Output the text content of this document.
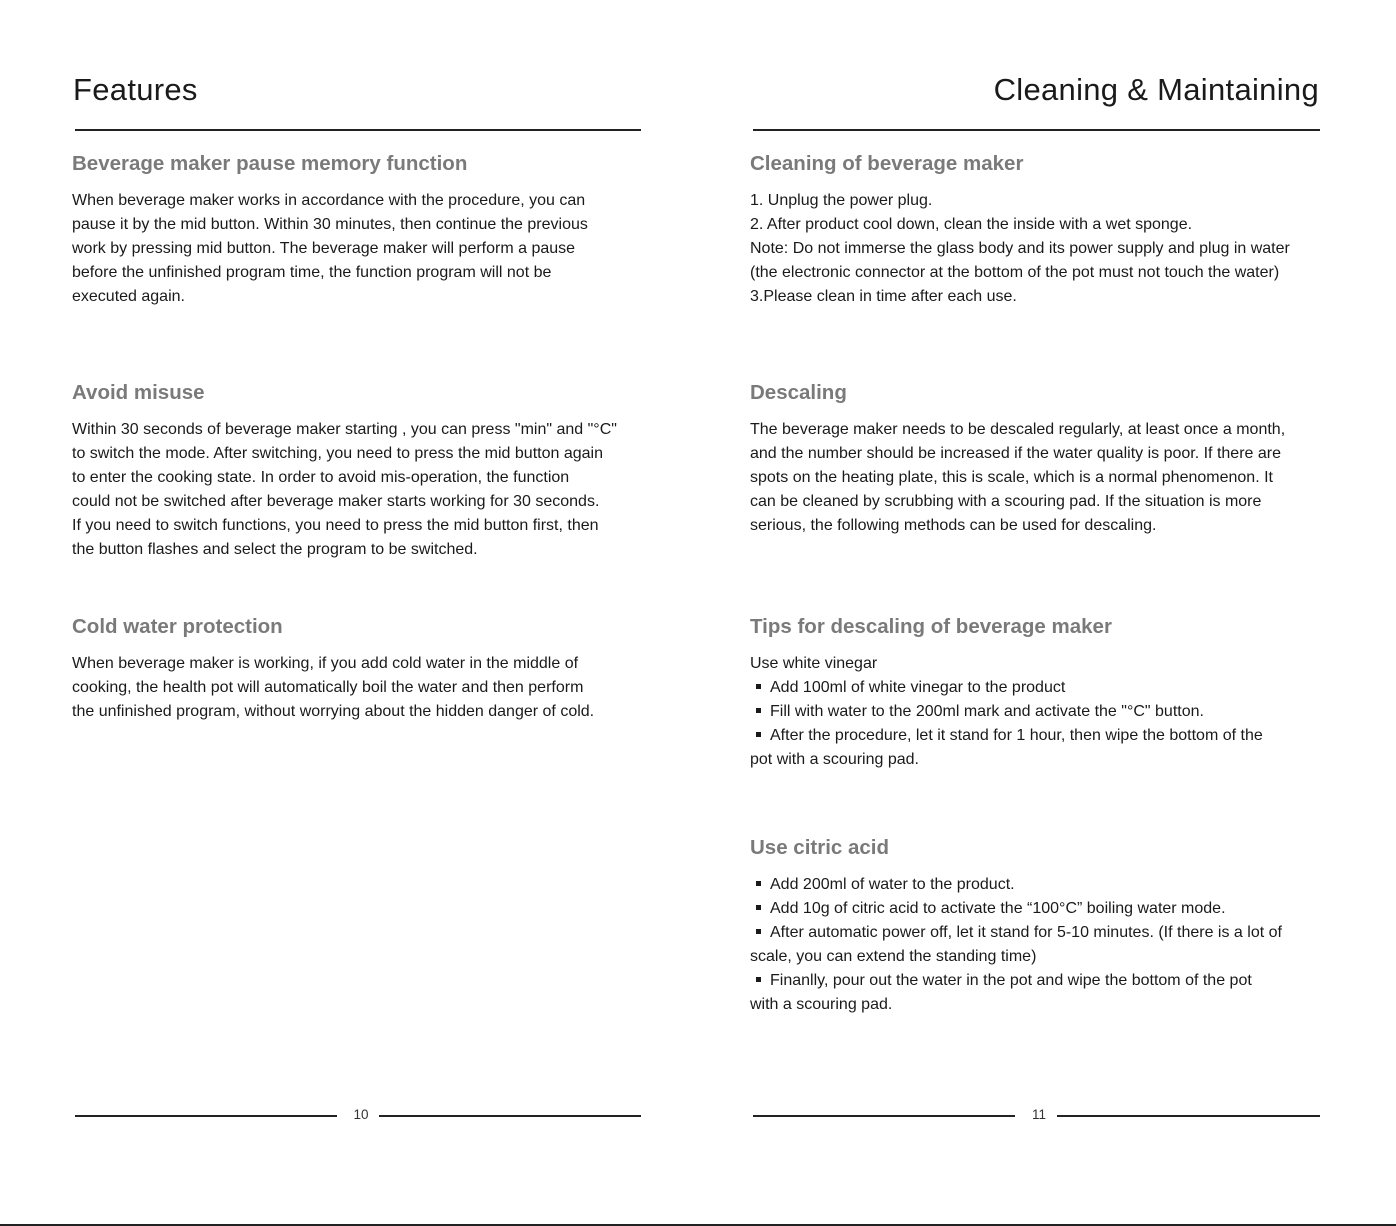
Features
Beverage maker pause memory function
When beverage maker works in accordance with the procedure, you can
pause it by the mid button. Within 30 minutes, then continue the previous
work by pressing mid button. The beverage maker will perform a pause
before the unfinished program time, the function program will not be
executed again.
Avoid misuse
Within 30 seconds of beverage maker starting , you can press "min" and "°C"
to switch the mode. After switching, you need to press the mid button again
to enter the cooking state. In order to avoid mis-operation, the function
could not be switched after beverage maker starts working for 30 seconds.
If you need to switch functions, you need to press the mid button first, then
the button flashes and select the program to be switched.
Cold water protection
When beverage maker is working, if you add cold water in the middle of
cooking, the health pot will automatically boil the water and then perform
the unfinished program, without worrying about the hidden danger of cold.
10
Cleaning & Maintaining
Cleaning of beverage maker
1. Unplug the power plug.
2. After product cool down, clean the inside with a wet sponge.
Note: Do not immerse the glass body and its power supply and plug in water
(the electronic connector at the bottom of the pot must not touch the water)
3.Please clean in time after each use.
Descaling
The beverage maker needs to be descaled regularly, at least once a month,
and the number should be increased if the water quality is poor. If there are
spots on the heating plate, this is scale, which is a normal phenomenon. It
can be cleaned by scrubbing with a scouring pad. If the situation is more
serious, the following methods can be used for descaling.
Tips for descaling of beverage maker
Use white vinegar
Add 100ml of white vinegar to the product
Fill with water to the 200ml mark and activate the "°C" button.
After the procedure, let it stand for 1 hour, then wipe the bottom of the
pot with a scouring pad.
Use citric acid
Add 200ml of water to the product.
Add 10g of citric acid to activate the “100°C” boiling water mode.
After automatic power off, let it stand for 5-10 minutes. (If there is a lot of
scale, you can extend the standing time)
Finanlly, pour out the water in the pot and wipe the bottom of the pot
with a scouring pad.
11
